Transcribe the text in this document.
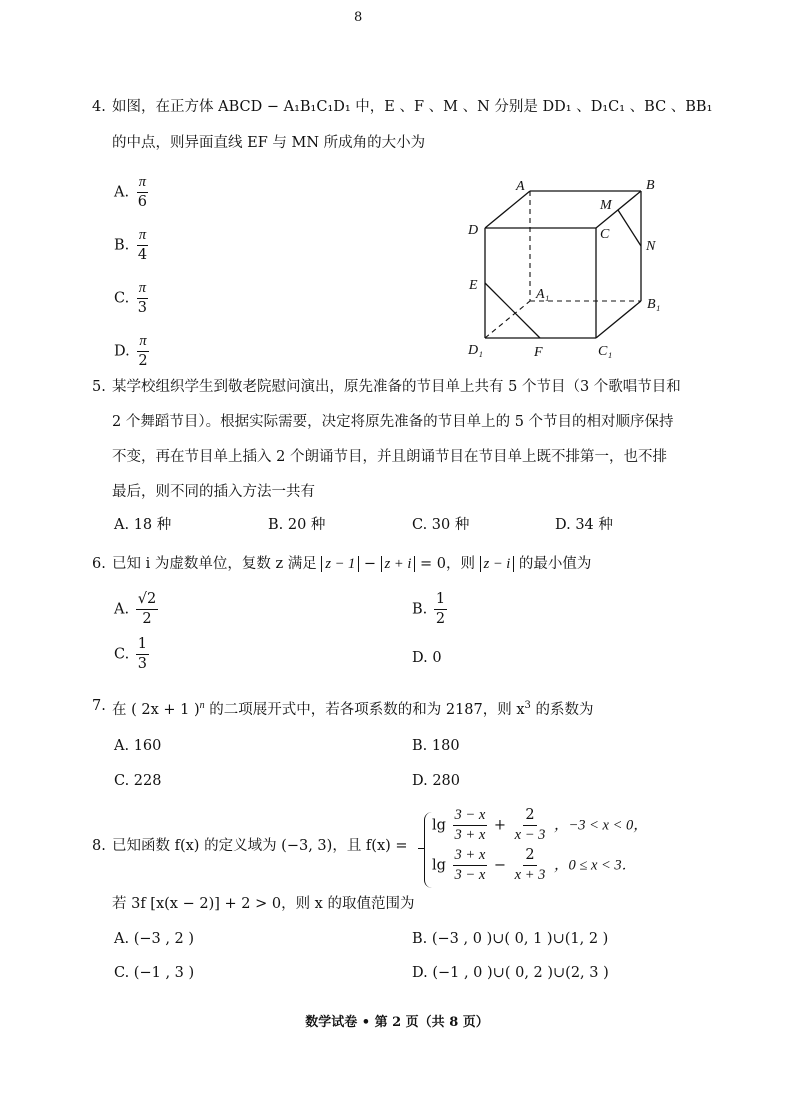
8
4. 如图，在正方体 ABCD − A₁B₁C₁D₁ 中，E 、F 、M 、N 分别是 DD₁ 、D₁C₁ 、BC 、BB₁
的中点，则异面直线 EF 与 MN 所成角的大小为
A. $\frac{\pi}{6}$
B. $\frac{\pi}{4}$
C. $\frac{\pi}{3}$
D. $\frac{\pi}{2}$
A	B
D	C
M
N
E
A₁
B₁
D₁	F	C₁
5. 某学校组织学生到敬老院慰问演出，原先准备的节目单上共有 5 个节目（3 个歌唱节目和
2 个舞蹈节目）。根据实际需要，决定将原先准备的节目单上的 5 个节目的相对顺序保持
不变，再在节目单上插入 2 个朗诵节目，并且朗诵节目在节目单上既不排第一，也不排
最后，则不同的插入方法一共有
A. 18 种	B. 20 种	C. 30 种	D. 34 种
6. 已知 i 为虚数单位，复数 z 满足 z − 1 − z + i = 0，则 z − i 的最小值为
A. $\frac{√2}{2}$	B. $\frac{1}{2}$
C. $\frac{1}{3}$	D. 0
7. 在 ( 2x + 1 )$^n$ 的二项展开式中，若各项系数的和为 2187，则 $x^3$ 的系数为
A. 160	B. 180
C. 228	D. 280
8. 已知函数 f(x) 的定义域为 (−3, 3)，且 f(x) =
$\lg \frac{3 - x}{3 + x} + \frac{2}{x - 3}$ ，−3 < x < 0，
$\lg \frac{3 + x}{3 - x} - \frac{2}{x + 3}$ ，0 ≤ x < 3．
若 3f [x(x − 2)] + 2 > 0，则 x 的取值范围为
A. (−3 , 2 )	B. (−3 , 0 )∪( 0, 1 )∪(1, 2 )
C. (−1 , 3 )	D. (−1 , 0 )∪( 0, 2 )∪(2, 3 )
数学试卷 • 第 2 页（共 8 页）
